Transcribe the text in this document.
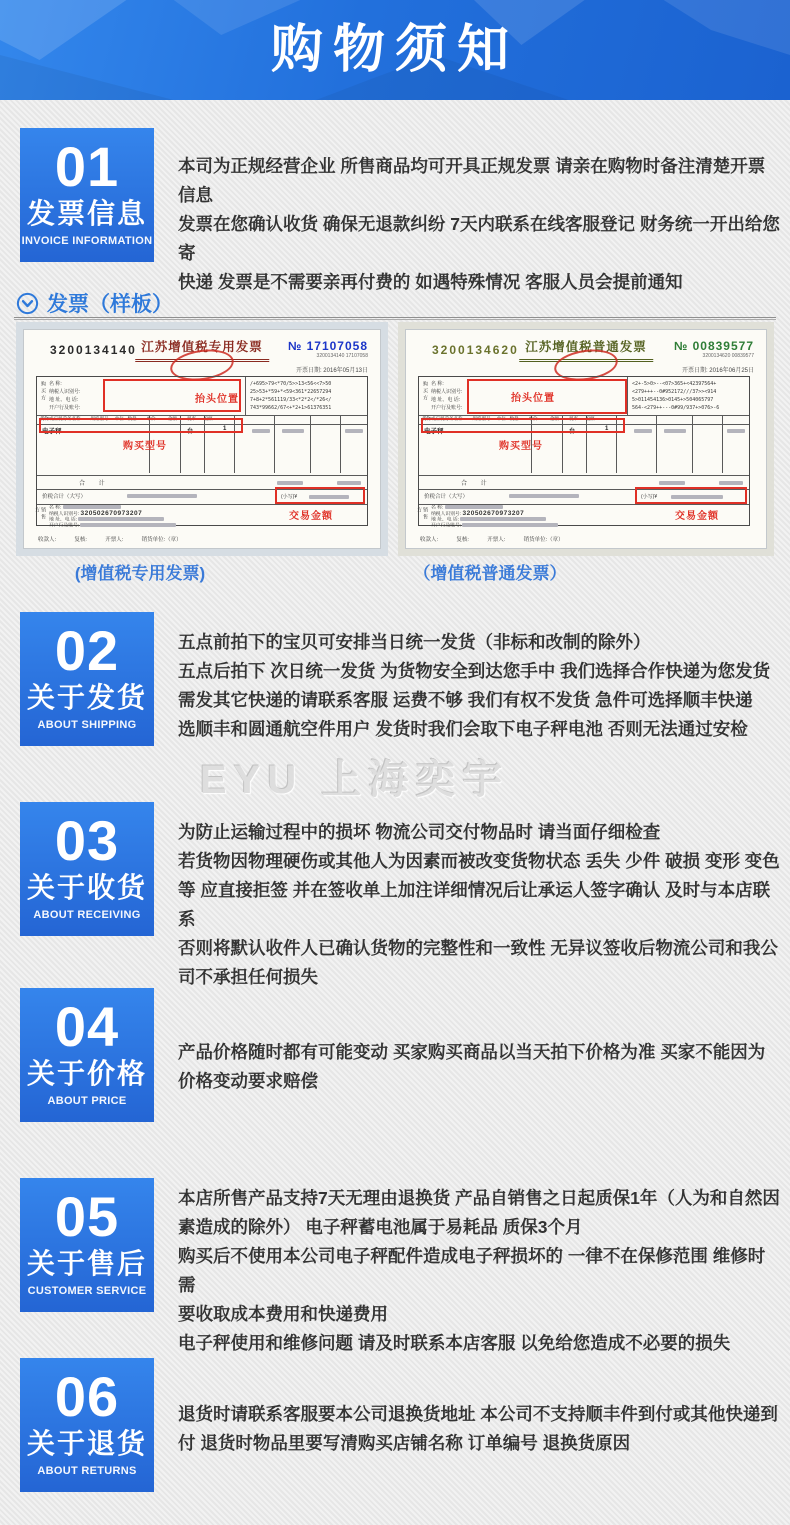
购物须知
01
发票信息
INVOICE INFORMATION
本司为正规经营企业 所售商品均可开具正规发票 请亲在购物时备注清楚开票信息
发票在您确认收货 确保无退款纠纷 7天内联系在线客服登记 财务统一开出给您寄
快递 发票是不需要亲再付费的 如遇特殊情况 客服人员会提前通知
发票（样板）
3200134140 江苏增值税专用发票	№ 17107058
3200134140 17107058
开票日期: 2016年05月13日
购买方
销售方
名 称:
纳税人识别号:
地 址、电 话:
开户行及账号:
/+695>79<*70/5>>13<56<<7>50
25>53+*59+*<59<361*22657294
7+8+2*561119/33<*2*2</*26</
743*99662/67<+*2+1>61376351
抬头位置
货物或应税劳务名称        规格型号     单位   数量        单价          金额        税率      税额
电子秤	台	1
购买型号
合 计
价税合计（大写）	(小写)¥
交易金额
名 称:
纳税人识别号: 320502670973207
地 址、电 话:
开户行及账号:
收款人:            复核:            开票人:            销货单位:（章）
3200134620 江苏增值税普通发票	№ 00839577
3200134620 00839577
开票日期: 2016年06月25日
购买方
销售方
名 称:
纳税人识别号:
地 址、电 话:
开户行及账号:
<2+-5>0>--<07>365+<42397564+
<279+++--0#952172///37>><914
5>011454136>0145+>504065797
564-<279++---0#99/937+>076>-6
抬头位置
货物或应税劳务名称        规格型号     单位   数量        单价          金额        税率      税额
电子秤	台	1
购买型号
合 计
价税合计（大写）	(小写)¥
交易金额
名 称:
纳税人识别号: 320502670973207
地 址、电 话:
开户行及账号:
收款人:            复核:            开票人:            销货单位:（章）
(增值税专用发票)	（增值税普通发票）
02
关于发货
ABOUT SHIPPING
五点前拍下的宝贝可安排当日统一发货（非标和改制的除外）
五点后拍下 次日统一发货 为货物安全到达您手中 我们选择合作快递为您发货
需发其它快递的请联系客服 运费不够 我们有权不发货 急件可选择顺丰快递
选顺丰和圆通航空件用户 发货时我们会取下电子秤电池 否则无法通过安检
EYU 上海奕宇
03
关于收货
ABOUT RECEIVING
为防止运输过程中的损坏 物流公司交付物品时 请当面仔细检查
若货物因物理硬伤或其他人为因素而被改变货物状态 丢失 少件 破损 变形 变色
等 应直接拒签 并在签收单上加注详细情况后让承运人签字确认 及时与本店联系
否则将默认收件人已确认货物的完整性和一致性 无异议签收后物流公司和我公
司不承担任何损失
04
关于价格
ABOUT PRICE
产品价格随时都有可能变动 买家购买商品以当天拍下价格为准 买家不能因为
价格变动要求赔偿
05
关于售后
CUSTOMER SERVICE
本店所售产品支持7天无理由退换货 产品自销售之日起质保1年（人为和自然因
素造成的除外） 电子秤蓄电池属于易耗品 质保3个月
购买后不使用本公司电子秤配件造成电子秤损坏的 一律不在保修范围 维修时需
要收取成本费用和快递费用
电子秤使用和维修问题 请及时联系本店客服 以免给您造成不必要的损失
06
关于退货
ABOUT RETURNS
退货时请联系客服要本公司退换货地址 本公司不支持顺丰件到付或其他快递到
付 退货时物品里要写清购买店铺名称 订单编号 退换货原因
